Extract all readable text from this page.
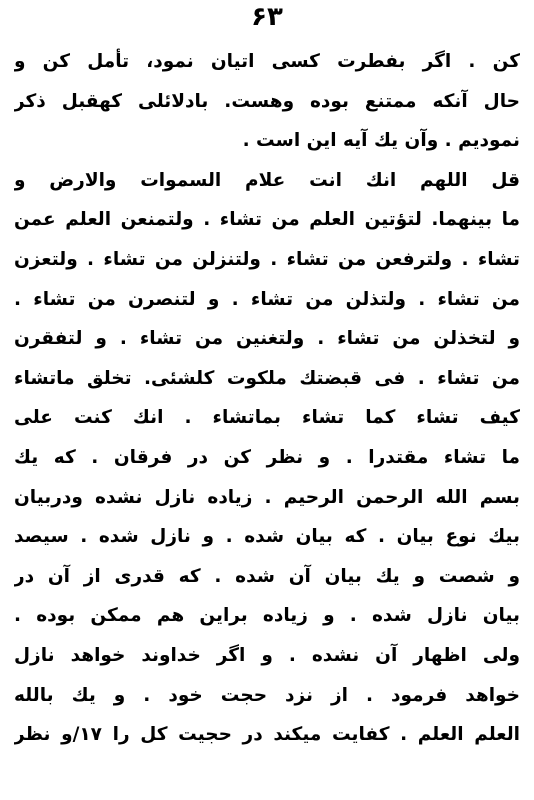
۶۳
کن . اگر بفطرت کسی اتیان نمود، تأمل کن و
حال آنکه ممتنع بوده وهست. بادلائلی کهقبل ذکر
نمودیم . وآن یك آیه این است .
قل اللهم انك انت علام السموات والارض و
ما بینهما. لتؤتین العلم من تشاء . ولتمنعن العلم عمن
تشاء . ولترفعن من تشاء . ولتنزلن من تشاء . ولتعزن
من تشاء . ولتذلن من تشاء . و لتنصرن من تشاء .
و لتخذلن من تشاء . ولتغنین من تشاء . و لتفقرن
من تشاء . فی قبضتك ملکوت کلشئی. تخلق ماتشاء
کیف تشاء کما تشاء بماتشاء . انك کنت علی
ما تشاء مقتدرا . و نظر کن در فرقان . که یك
بسم الله الرحمن الرحیم . زیاده نازل نشده ودربیان
بیك نوع بیان . که بیان شده . و نازل شده . سیصد
و شصت و یك بیان آن شده . که قدری از آن در
بیان نازل شده . و زیاده براین هم ممکن بوده .
ولی اظهار آن نشده . و اگر خداوند خواهد نازل
خواهد فرمود . از نزد حجت خود . و یك بالله
العلم العلم . کفایت میکند در حجیت کل را ١٧/و نظر
